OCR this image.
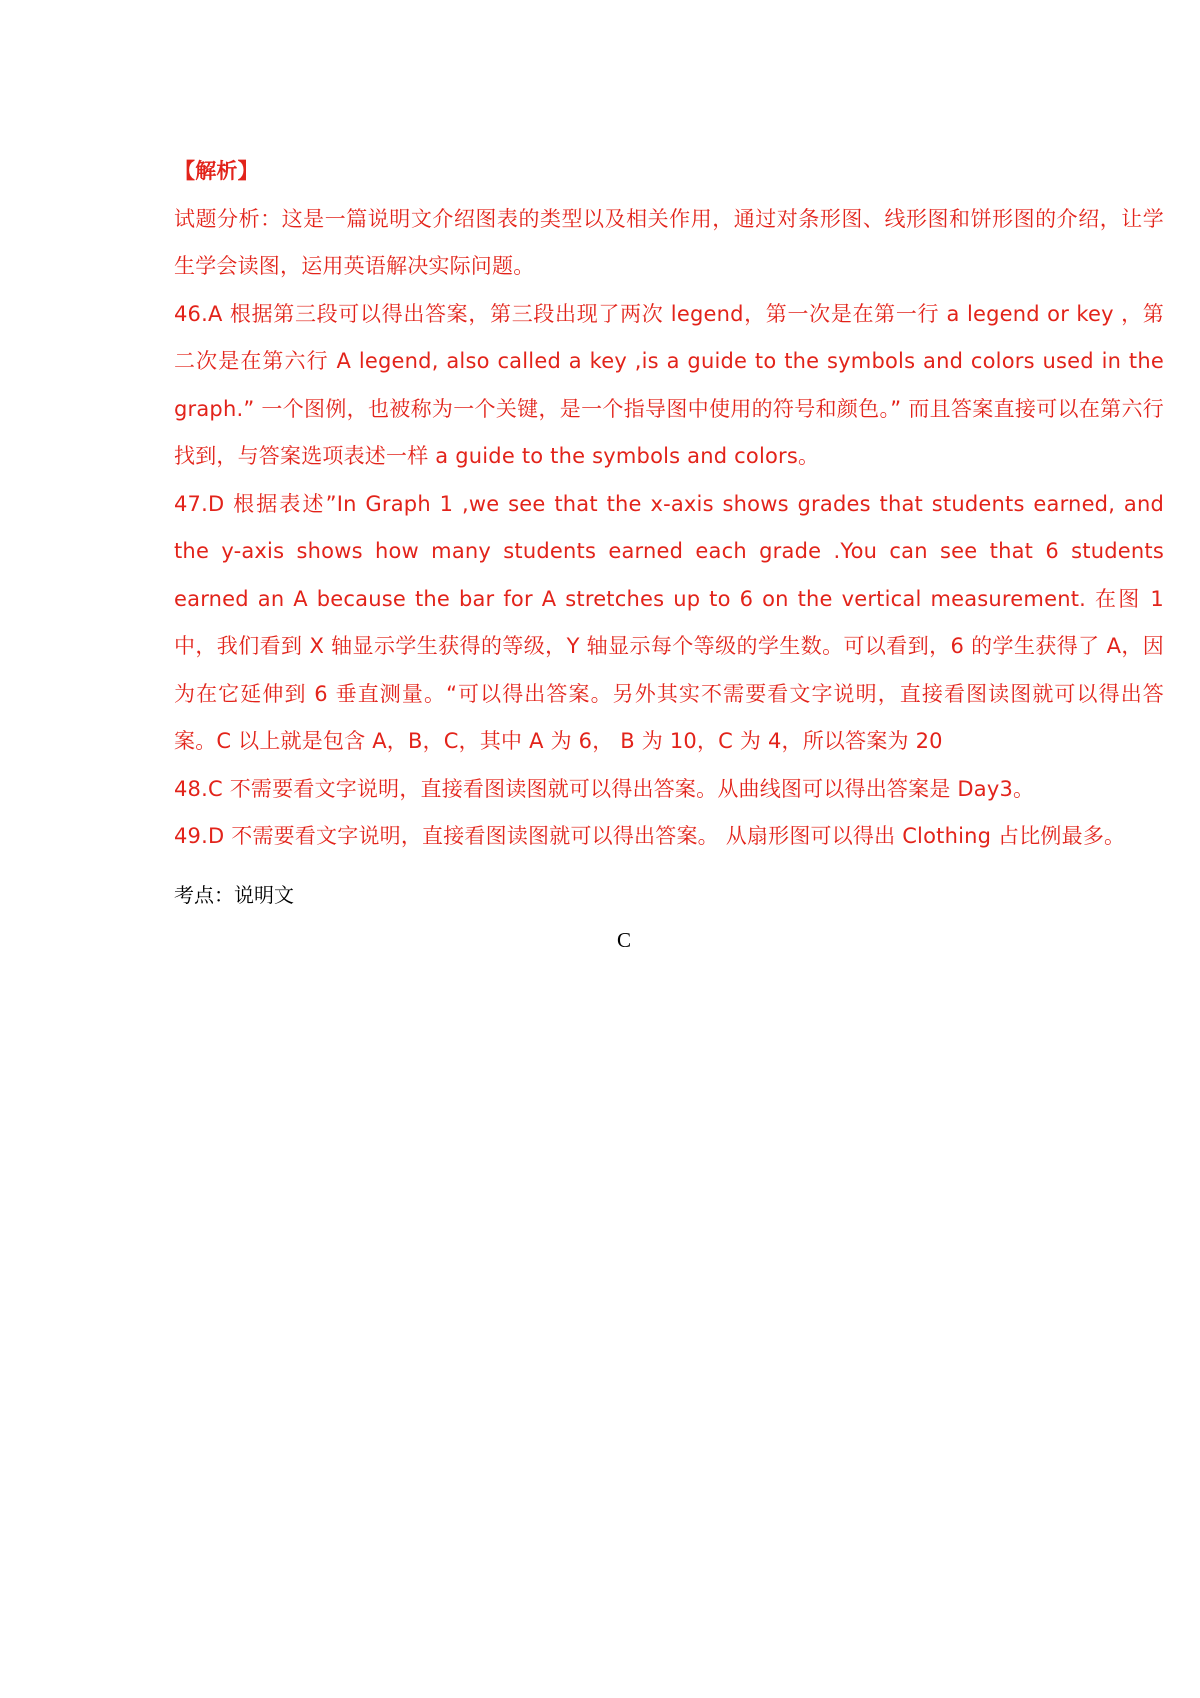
【解析】

试题分析：这是一篇说明文介绍图表的类型以及相关作用，通过对条形图、线形图和饼形图的介绍，让学生学会读图，运用英语解决实际问题。

46.A 根据第三段可以得出答案，第三段出现了两次 legend，第一次是在第一行 a legend or key ，第二次是在第六行 A legend, also called a key ,is a guide to the symbols and colors used in the graph.” 一个图例，也被称为一个关键，是一个指导图中使用的符号和颜色。” 而且答案直接可以在第六行找到，与答案选项表述一样 a guide to the symbols and colors。

47.D 根据表述”In Graph 1 ,we see that the x-axis shows grades that students earned, and the y-axis shows how many students earned each grade .You can see that 6 students earned an A because the bar for A stretches up to 6 on the vertical measurement. 在图 1 中，我们看到 X 轴显示学生获得的等级，Y 轴显示每个等级的学生数。可以看到，6 的学生获得了 A，因为在它延伸到 6 垂直测量。“可以得出答案。另外其实不需要看文字说明，直接看图读图就可以得出答案。C 以上就是包含 A，B，C，其中 A 为 6， B 为 10，C 为 4，所以答案为 20

48.C 不需要看文字说明，直接看图读图就可以得出答案。从曲线图可以得出答案是 Day3。

49.D 不需要看文字说明，直接看图读图就可以得出答案。 从扇形图可以得出 Clothing 占比例最多。

考点：说明文
C
